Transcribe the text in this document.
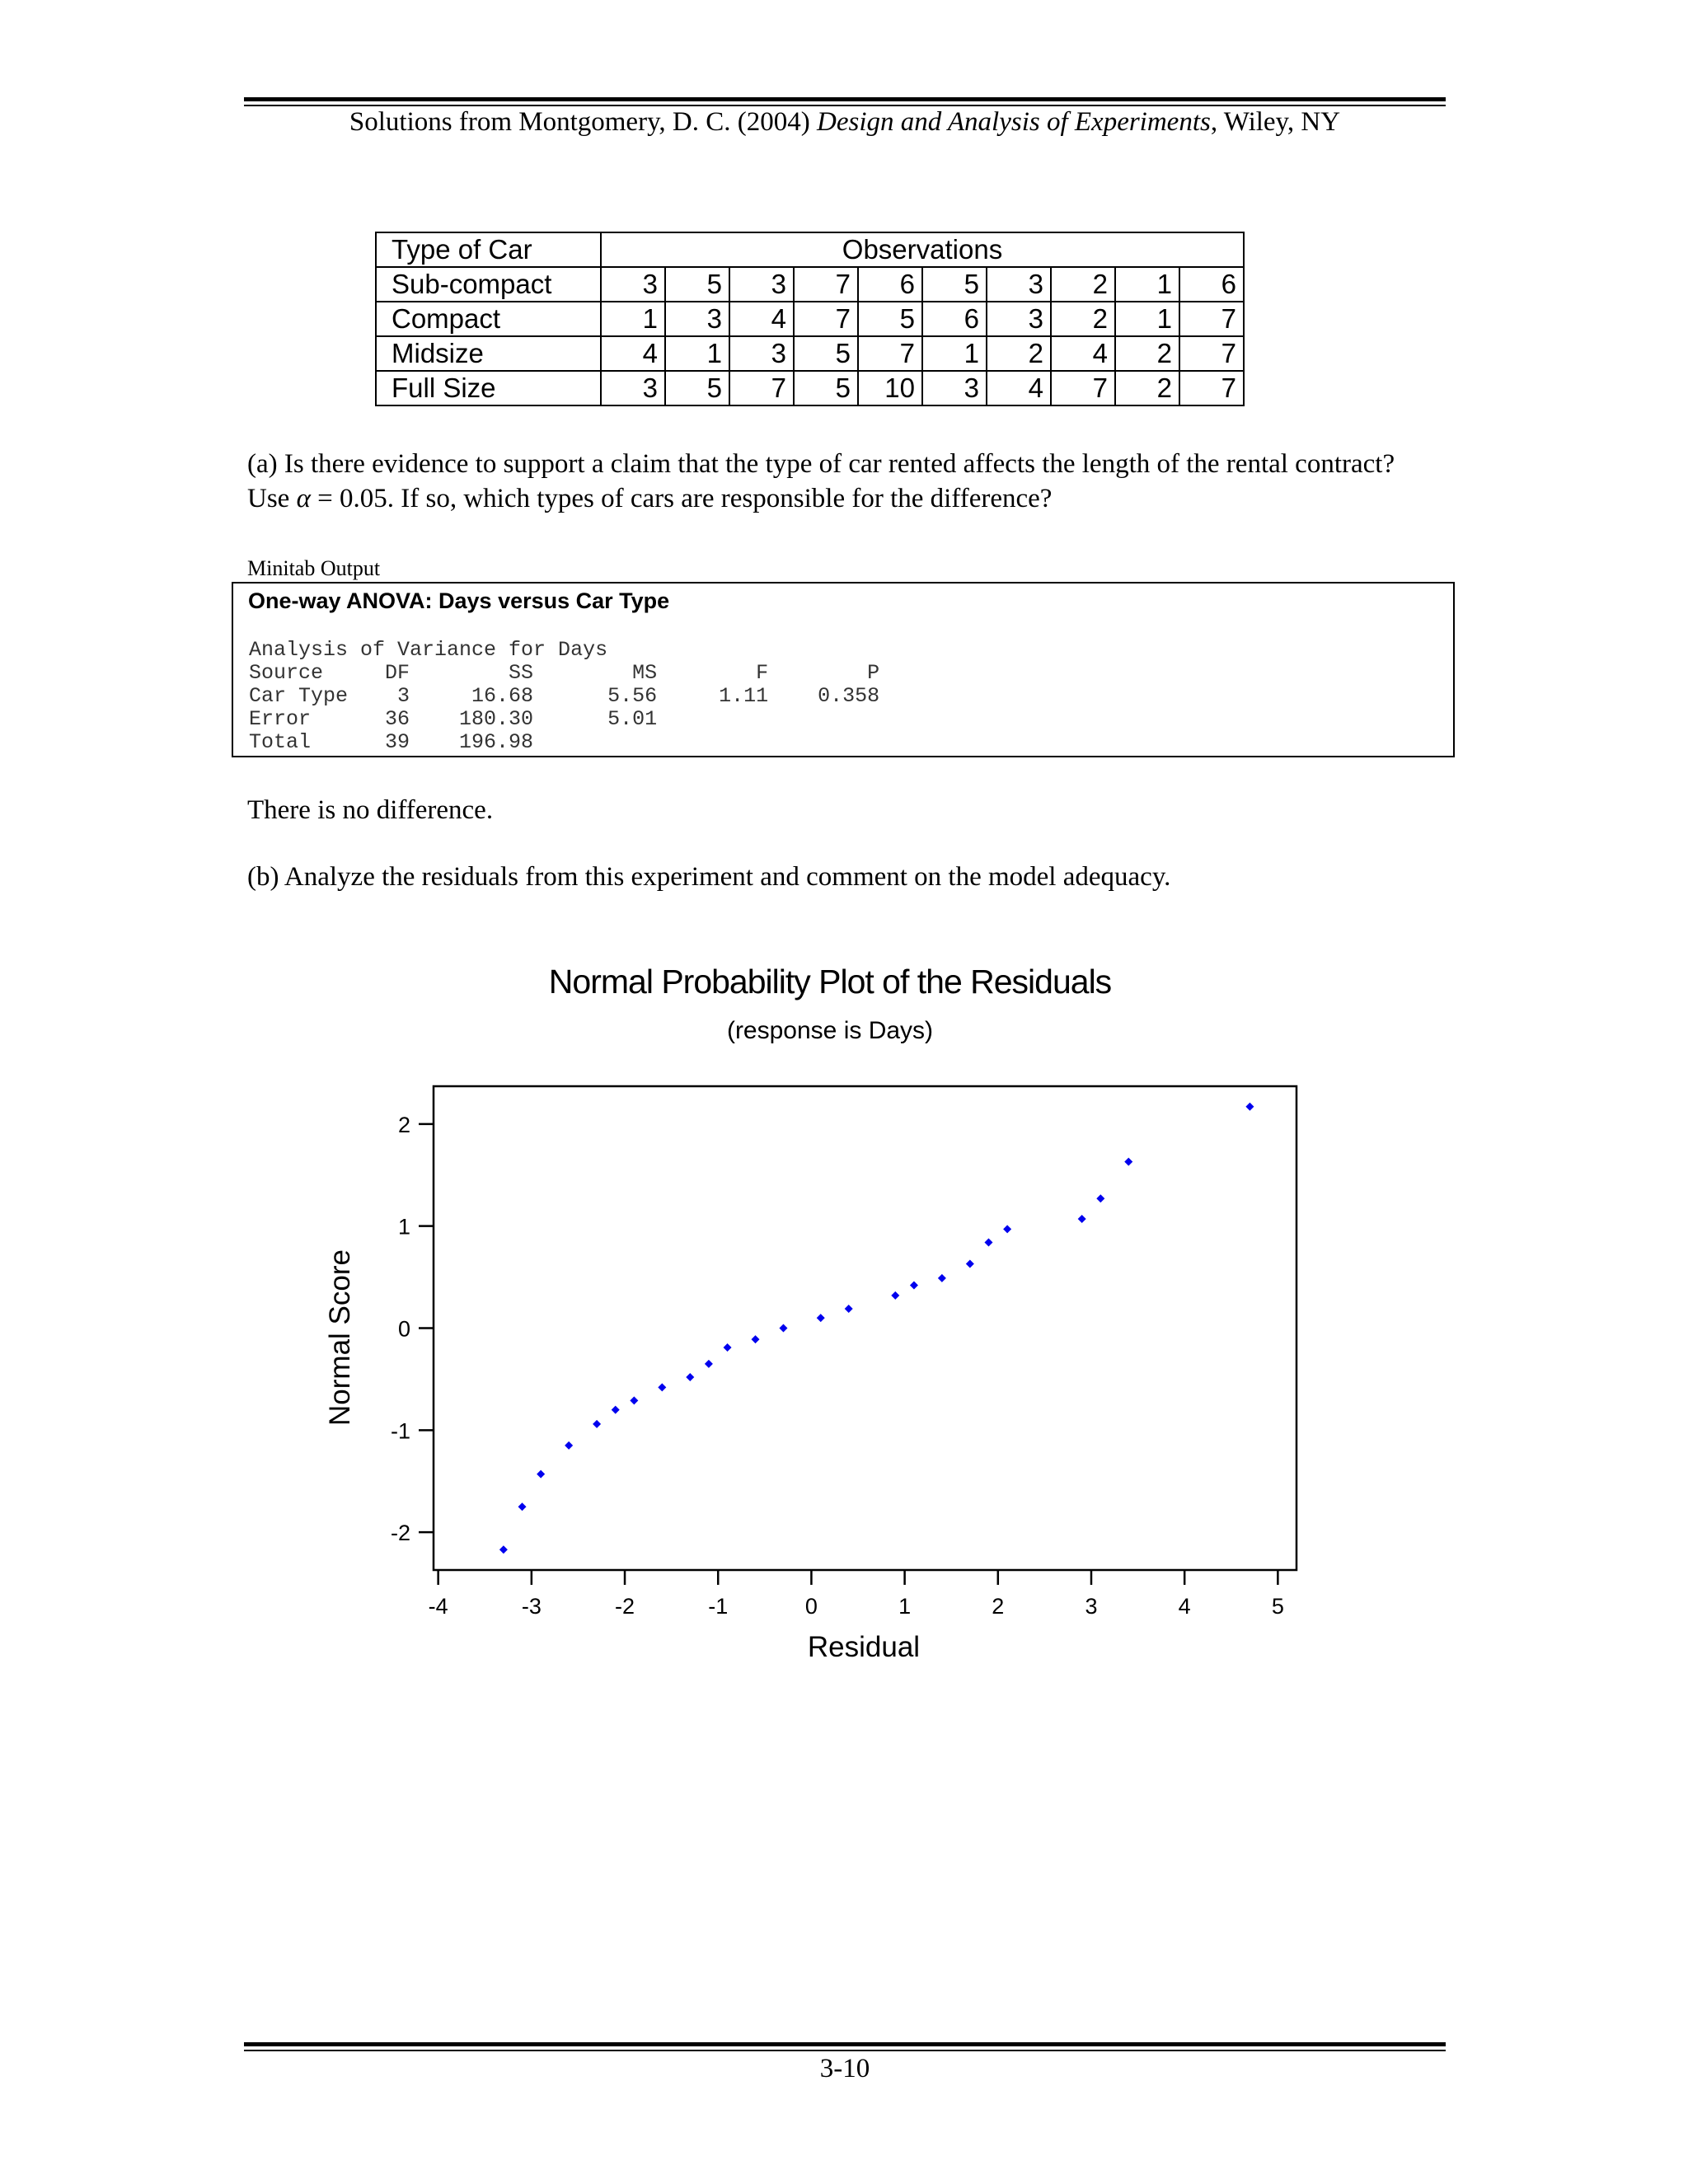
Solutions from Montgomery, D. C. (2004) Design and Analysis of Experiments, Wiley, NY
Type of Car	Observations									
Sub-compact	3	5	3	7	6	5	3	2	1	6
Compact	1	3	4	7	5	6	3	2	1	7
Midsize	4	1	3	5	7	1	2	4	2	7
Full Size	3	5	7	5	10	3	4	7	2	7
(a) Is there evidence to support a claim that the type of car rented affects the length of the rental contract?
Use α = 0.05. If so, which types of cars are responsible for the difference?
Minitab Output
One-way ANOVA: Days versus Car Type
Analysis of Variance for Days
Source     DF        SS        MS        F        P
Car Type    3     16.68      5.56     1.11    0.358
Error      36    180.30      5.01
Total      39    196.98
There is no difference.
(b) Analyze the residuals from this experiment and comment on the model adequacy.
Normal Probability Plot of the Residuals
(response is Days)
-4	-3	-2	-1	0	1	2	3	4	5
-2
-1
0
1
2
Residual
Normal Score
3-10
